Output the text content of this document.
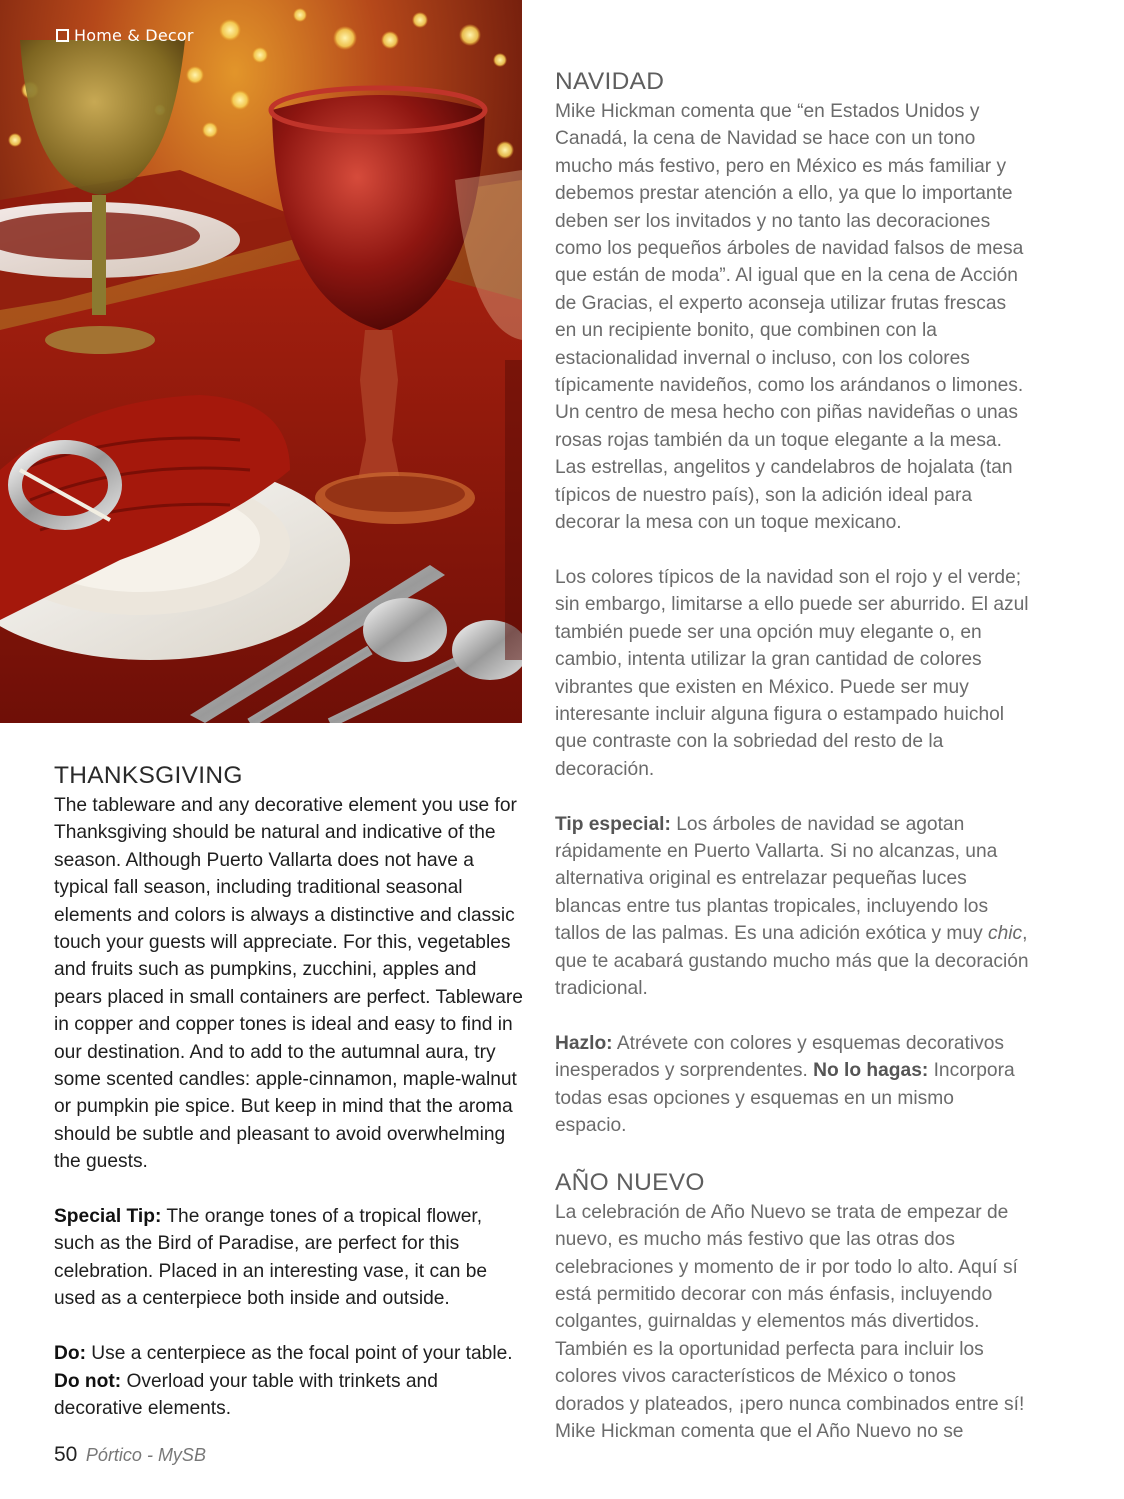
Home & Decor
THANKSGIVING

The tableware and any decorative element you use for Thanksgiving should be natural and indicative of the season. Although Puerto Vallarta does not have a typical fall season, including traditional seasonal elements and colors is always a distinctive and classic touch your guests will appreciate. For this, vegetables and fruits such as pumpkins, zucchini, apples and pears placed in small containers are perfect. Tableware in copper and copper tones is ideal and easy to find in our destination. And to add to the autumnal aura, try some scented candles: apple-cinnamon, maple-walnut or pumpkin pie spice. But keep in mind that the aroma should be subtle and pleasant to avoid overwhelming the guests.

Special Tip: The orange tones of a tropical flower, such as the Bird of Paradise, are perfect for this celebration. Placed in an interesting vase, it can be used as a centerpiece both inside and outside.

Do: Use a centerpiece as the focal point of your table.
Do not: Overload your table with trinkets and decorative elements.

NAVIDAD

Mike Hickman comenta que “en Estados Unidos y Canadá, la cena de Navidad se hace con un tono mucho más festivo, pero en México es más familiar y debemos prestar atención a ello, ya que lo importante deben ser los invitados y no tanto las decoraciones como los pequeños árboles de navidad falsos de mesa que están de moda”. Al igual que en la cena de Acción de Gracias, el experto aconseja utilizar frutas frescas en un recipiente bonito, que combinen con la estacionalidad invernal o incluso, con los colores típicamente navideños, como los arándanos o limones. Un centro de mesa hecho con piñas navideñas o unas rosas rojas también da un toque elegante a la mesa. Las estrellas, angelitos y candelabros de hojalata (tan típicos de nuestro país), son la adición ideal para decorar la mesa con un toque mexicano.

Los colores típicos de la navidad son el rojo y el verde; sin embargo, limitarse a ello puede ser aburrido. El azul también puede ser una opción muy elegante o, en cambio, intenta utilizar la gran cantidad de colores vibrantes que existen en México. Puede ser muy interesante incluir alguna figura o estampado huichol que contraste con la sobriedad del resto de la decoración.

Tip especial: Los árboles de navidad se agotan rápidamente en Puerto Vallarta. Si no alcanzas, una alternativa original es entrelazar pequeñas luces blancas entre tus plantas tropicales, incluyendo los tallos de las palmas. Es una adición exótica y muy chic, que te acabará gustando mucho más que la decoración tradicional.

Hazlo: Atrévete con colores y esquemas decorativos inesperados y sorprendentes. No lo hagas: Incorpora todas esas opciones y esquemas en un mismo espacio.

AÑO NUEVO

La celebración de Año Nuevo se trata de empezar de nuevo, es mucho más festivo que las otras dos celebraciones y momento de ir por todo lo alto. Aquí sí está permitido decorar con más énfasis, incluyendo colgantes, guirnaldas y elementos más divertidos. También es la oportunidad perfecta para incluir los colores vivos característicos de México o tonos dorados y plateados, ¡pero nunca combinados entre sí! Mike Hickman comenta que el Año Nuevo no se

50 Pórtico - MySB
